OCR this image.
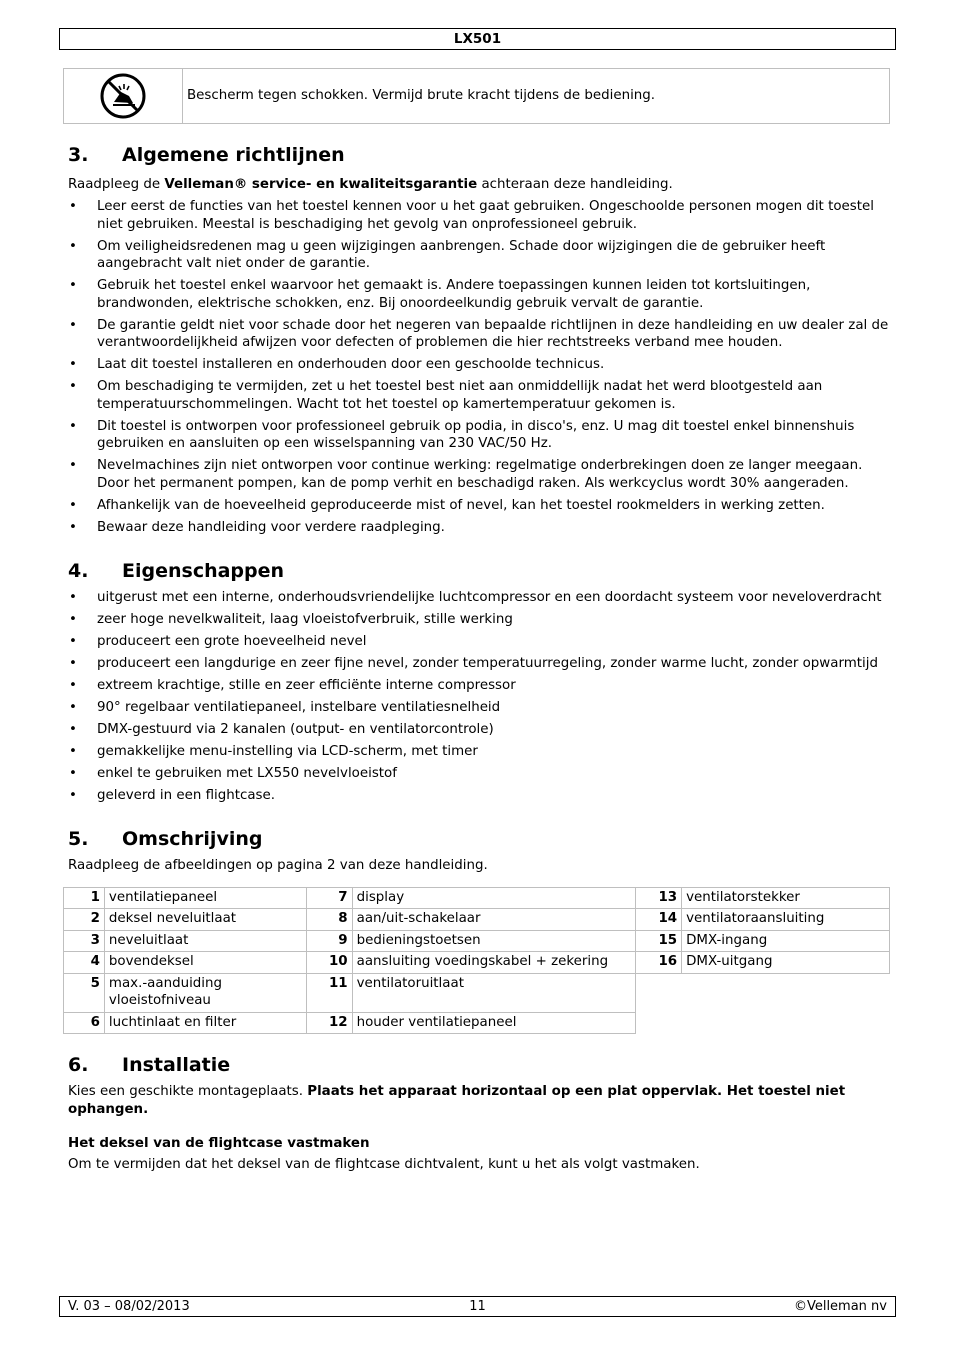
LX501
	Bescherm tegen schokken. Vermijd brute kracht tijdens de bediening.
3.	Algemene richtlijnen

Raadpleeg de Velleman® service- en kwaliteitsgarantie achteraan deze handleiding.

• Leer eerst de functies van het toestel kennen voor u het gaat gebruiken. Ongeschoolde personen mogen dit toestel niet gebruiken. Meestal is beschadiging het gevolg van onprofessioneel gebruik.
• Om veiligheidsredenen mag u geen wijzigingen aanbrengen. Schade door wijzigingen die de gebruiker heeft aangebracht valt niet onder de garantie.
• Gebruik het toestel enkel waarvoor het gemaakt is. Andere toepassingen kunnen leiden tot kortsluitingen, brandwonden, elektrische schokken, enz. Bij onoordeelkundig gebruik vervalt de garantie.
• De garantie geldt niet voor schade door het negeren van bepaalde richtlijnen in deze handleiding en uw dealer zal de verantwoordelijkheid afwijzen voor defecten of problemen die hier rechtstreeks verband mee houden.
• Laat dit toestel installeren en onderhouden door een geschoolde technicus.
• Om beschadiging te vermijden, zet u het toestel best niet aan onmiddellijk nadat het werd blootgesteld aan temperatuurschommelingen. Wacht tot het toestel op kamertemperatuur gekomen is.
• Dit toestel is ontworpen voor professioneel gebruik op podia, in disco's, enz. U mag dit toestel enkel binnenshuis gebruiken en aansluiten op een wisselspanning van 230 VAC/50 Hz.
• Nevelmachines zijn niet ontworpen voor continue werking: regelmatige onderbrekingen doen ze langer meegaan. Door het permanent pompen, kan de pomp verhit en beschadigd raken. Als werkcyclus wordt 30% aangeraden.
• Afhankelijk van de hoeveelheid geproduceerde mist of nevel, kan het toestel rookmelders in werking zetten.
• Bewaar deze handleiding voor verdere raadpleging.
4.	Eigenschappen
• uitgerust met een interne, onderhoudsvriendelijke luchtcompressor en een doordacht systeem voor neveloverdracht
• zeer hoge nevelkwaliteit, laag vloeistofverbruik, stille werking
• produceert een grote hoeveelheid nevel
• produceert een langdurige en zeer fijne nevel, zonder temperatuurregeling, zonder warme lucht, zonder opwarmtijd
• extreem krachtige, stille en zeer efficiënte interne compressor
• 90° regelbaar ventilatiepaneel, instelbare ventilatiesnelheid
• DMX-gestuurd via 2 kanalen (output- en ventilatorcontrole)
• gemakkelijke menu-instelling via LCD-scherm, met timer
• enkel te gebruiken met LX550 nevelvloeistof
• geleverd in een flightcase.
5.	Omschrijving

Raadpleeg de afbeeldingen op pagina 2 van deze handleiding.

1	ventilatiepaneel	7	display	13	ventilatorstekker
2	deksel neveluitlaat	8	aan/uit-schakelaar	14	ventilatoraansluiting
3	neveluitlaat	9	bedieningstoetsen	15	DMX-ingang
4	bovendeksel	10	aansluiting voedingskabel + zekering	16	DMX-uitgang
5	max.-aanduiding vloeistofniveau	11	ventilatoruitlaat		
6	luchtinlaat en filter	12	houder ventilatiepaneel		
6.	Installatie

Kies een geschikte montageplaats. Plaats het apparaat horizontaal op een plat oppervlak. Het toestel niet ophangen.

Het deksel van de flightcase vastmaken

Om te vermijden dat het deksel van de flightcase dichtvalent, kunt u het als volgt vastmaken.

11
V. 03 – 08/02/2013	©Velleman nv
